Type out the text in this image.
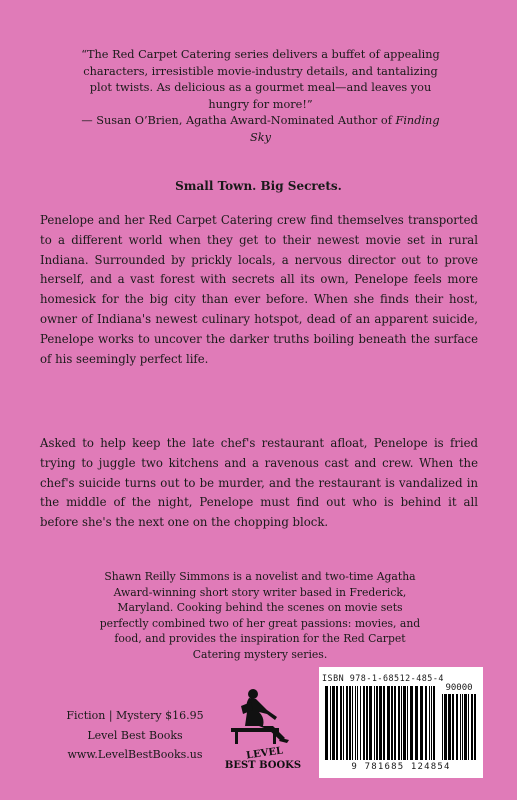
“The Red Carpet Catering series delivers a buffet of appealing characters, irresistible movie-industry details, and tantalizing plot twists. As delicious as a gourmet meal—and leaves you hungry for more!”

— Susan O’Brien, Agatha Award-Nominated Author of Finding Sky
Small Town. Big Secrets.
Penelope and her Red Carpet Catering crew find themselves transported to a different world when they get to their newest movie set in rural Indiana. Surrounded by prickly locals, a nervous director out to prove herself, and a vast forest with secrets all its own, Penelope feels more homesick for the big city than ever before. When she finds their host, owner of Indiana's newest culinary hotspot, dead of an apparent suicide, Penelope works to uncover the darker truths boiling beneath the surface of his seemingly perfect life.
Asked to help keep the late chef's restaurant afloat, Penelope is fried trying to juggle two kitchens and a ravenous cast and crew. When the chef's suicide turns out to be murder, and the restaurant is vandalized in the middle of the night, Penelope must find out who is behind it all before she's the next one on the chopping block.
Shawn Reilly Simmons is a novelist and two-time Agatha Award-winning short story writer based in Frederick, Maryland. Cooking behind the scenes on movie sets perfectly combined two of her great passions: movies, and food, and provides the inspiration for the Red Carpet Catering mystery series.
Fiction | Mystery $16.95
Level Best Books
www.LevelBestBooks.us	LEVEL
BEST BOOKS
ISBN 978-1-68512-485-4
90000
9 781685 124854
